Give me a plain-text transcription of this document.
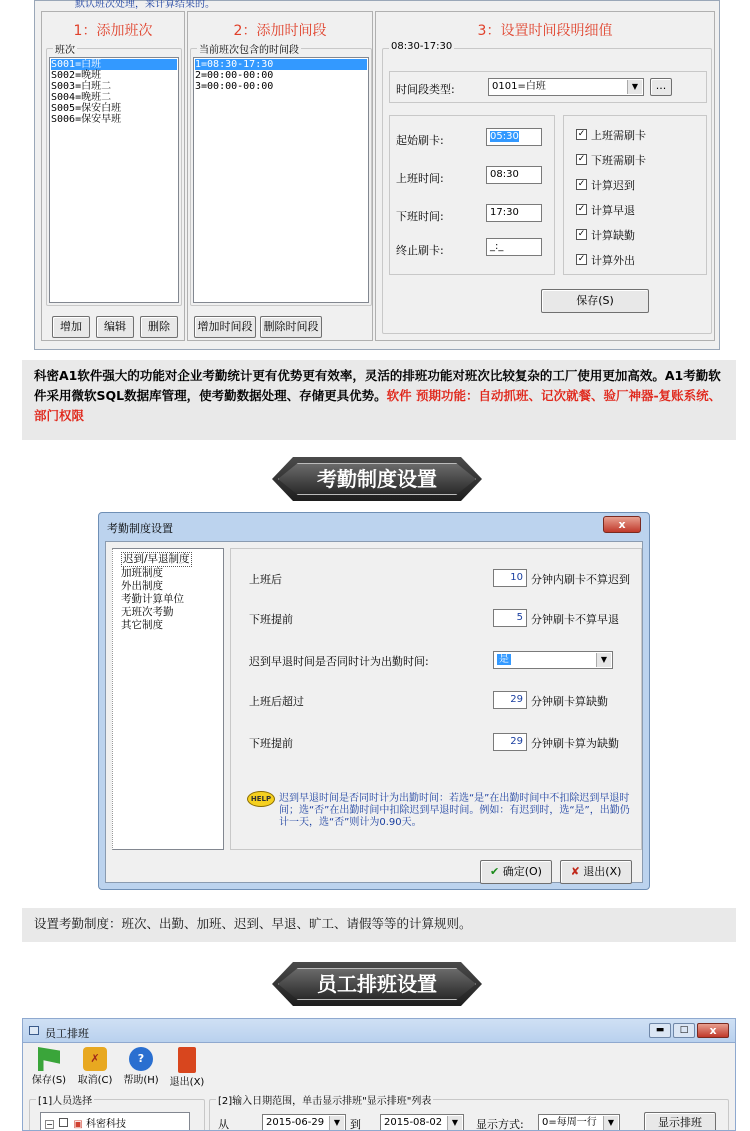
默认班次处理，来计算结果的。
1：添加班次
班次
S001=白班
S002=晚班
S003=白班二
S004=晚班二
S005=保安白班
S006=保安早班
增加	编辑	删除
2：添加时间段
当前班次包含的时间段
1=08:30-17:30
2=00:00-00:00
3=00:00-00:00
增加时间段	删除时间段
3：设置时间段明细值
08:30-17:30
时间段类型:	0101=白班	▼	...
起始刷卡:	05:30
上班时间:	08:30
下班时间:	17:30
终止刷卡:	_:_
✓ 上班需刷卡
✓ 下班需刷卡
✓ 计算迟到
✓ 计算早退
✓ 计算缺勤
✓ 计算外出
保存(S)
科密A1软件强大的功能对企业考勤统计更有优势更有效率，灵活的排班功能对班次比较复杂的工厂使用更加高效。A1考勤软件采用微软SQL数据库管理，使考勤数据处理、存储更具优势。软件 预期功能：自动抓班、记次就餐、验厂神器-复账系统、部门权限
考勤制度设置
考勤制度设置	x
迟到/早退制度
加班制度
外出制度
考勤计算单位
无班次考勤
其它制度
上班后	10 分钟内刷卡不算迟到
下班提前	5 分钟刷卡不算早退
迟到早退时间是否同时计为出勤时间:	是	▼
上班后超过	29 分钟刷卡算缺勤
下班提前	29 分钟刷卡算为缺勤
HELP 迟到早退时间是否同时计为出勤时间：若选“是”在出勤时间中不扣除迟到早退时间；选“否”在出勤时间中扣除迟到早退时间。例如：有迟到时，选“是”，出勤仍计一天，选“否”则计为0.90天。
✔ 确定(O)	✘ 退出(X)
设置考勤制度：班次、出勤、加班、迟到、早退、旷工、请假等等的计算规则。
员工排班设置
员工排班	▬	□	x
保存(S)
✗
取消(C)
?
帮助(H) 退出(X)
[1]人员选择
− ▣ 科密科技
[2]输入日期范围，单击显示排班"显示排班"列表
从	2015-06-29	▼ 到	2015-08-02	▼	显示方式:	0=每周一行	▼	显示排班
